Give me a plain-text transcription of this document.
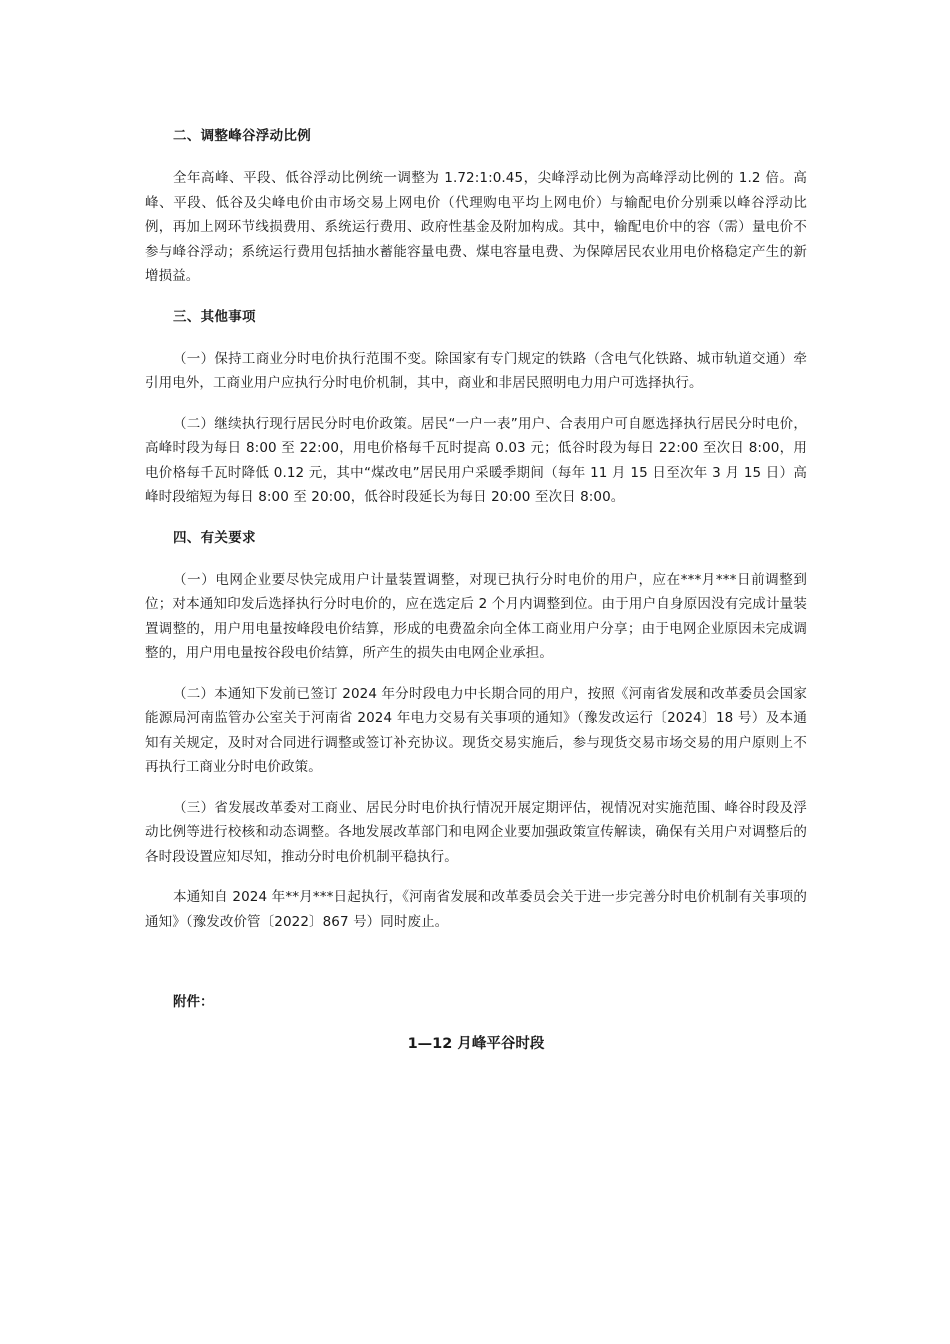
二、调整峰谷浮动比例

全年高峰、平段、低谷浮动比例统一调整为 1.72:1:0.45，尖峰浮动比例为高峰浮动比例的 1.2 倍。高峰、平段、低谷及尖峰电价由市场交易上网电价（代理购电平均上网电价）与输配电价分别乘以峰谷浮动比例，再加上网环节线损费用、系统运行费用、政府性基金及附加构成。其中，输配电价中的容（需）量电价不参与峰谷浮动；系统运行费用包括抽水蓄能容量电费、煤电容量电费、为保障居民农业用电价格稳定产生的新增损益。

三、其他事项

（一）保持工商业分时电价执行范围不变。除国家有专门规定的铁路（含电气化铁路、城市轨道交通）牵引用电外，工商业用户应执行分时电价机制，其中，商业和非居民照明电力用户可选择执行。

（二）继续执行现行居民分时电价政策。居民“一户一表”用户、合表用户可自愿选择执行居民分时电价，高峰时段为每日 8:00 至 22:00，用电价格每千瓦时提高 0.03 元；低谷时段为每日 22:00 至次日 8:00，用电价格每千瓦时降低 0.12 元，其中“煤改电”居民用户采暖季期间（每年 11 月 15 日至次年 3 月 15 日）高峰时段缩短为每日 8:00 至 20:00，低谷时段延长为每日 20:00 至次日 8:00。

四、有关要求

（一）电网企业要尽快完成用户计量装置调整，对现已执行分时电价的用户，应在***月***日前调整到位；对本通知印发后选择执行分时电价的，应在选定后 2 个月内调整到位。由于用户自身原因没有完成计量装置调整的，用户用电量按峰段电价结算，形成的电费盈余向全体工商业用户分享；由于电网企业原因未完成调整的，用户用电量按谷段电价结算，所产生的损失由电网企业承担。

（二）本通知下发前已签订 2024 年分时段电力中长期合同的用户，按照《河南省发展和改革委员会国家能源局河南监管办公室关于河南省 2024 年电力交易有关事项的通知》（豫发改运行〔2024〕18 号）及本通知有关规定，及时对合同进行调整或签订补充协议。现货交易实施后，参与现货交易市场交易的用户原则上不再执行工商业分时电价政策。

（三）省发展改革委对工商业、居民分时电价执行情况开展定期评估，视情况对实施范围、峰谷时段及浮动比例等进行校核和动态调整。各地发展改革部门和电网企业要加强政策宣传解读，确保有关用户对调整后的各时段设置应知尽知，推动分时电价机制平稳执行。

本通知自 2024 年**月***日起执行，《河南省发展和改革委员会关于进一步完善分时电价机制有关事项的通知》（豫发改价管〔2022〕867 号）同时废止。

附件：

1—12 月峰平谷时段
